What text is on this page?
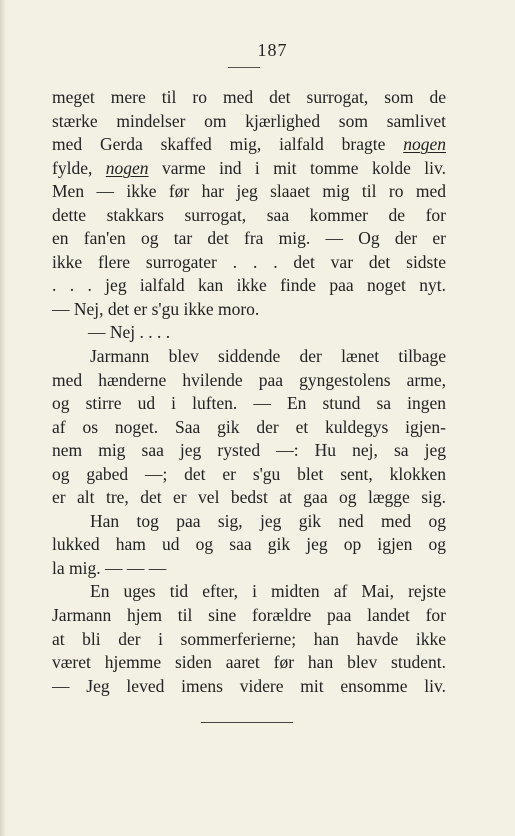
187
meget mere til ro med det surrogat, som de
stærke mindelser om kjærlighed som samlivet
med Gerda skaffed mig, ialfald bragte nogen
fylde, nogen varme ind i mit tomme kolde liv.
Men — ikke før har jeg slaaet mig til ro med
dette stakkars surrogat, saa kommer de for
en fan'en og tar det fra mig. — Og der er
ikke flere surrogater . . . det var det sidste
. . . jeg ialfald kan ikke finde paa noget nyt.
— Nej, det er s'gu ikke moro.
— Nej . . . .
Jarmann blev siddende der lænet tilbage
med hænderne hvilende paa gyngestolens arme,
og stirre ud i luften. — En stund sa ingen
af os noget. Saa gik der et kuldegys igjen-
nem mig saa jeg rysted —: Hu nej, sa jeg
og gabed —; det er s'gu blet sent, klokken
er alt tre, det er vel bedst at gaa og lægge sig.
Han tog paa sig, jeg gik ned med og
lukked ham ud og saa gik jeg op igjen og
la mig. — — —
En uges tid efter, i midten af Mai, rejste
Jarmann hjem til sine forældre paa landet for
at bli der i sommerferierne; han havde ikke
været hjemme siden aaret før han blev student.
— Jeg leved imens videre mit ensomme liv.
